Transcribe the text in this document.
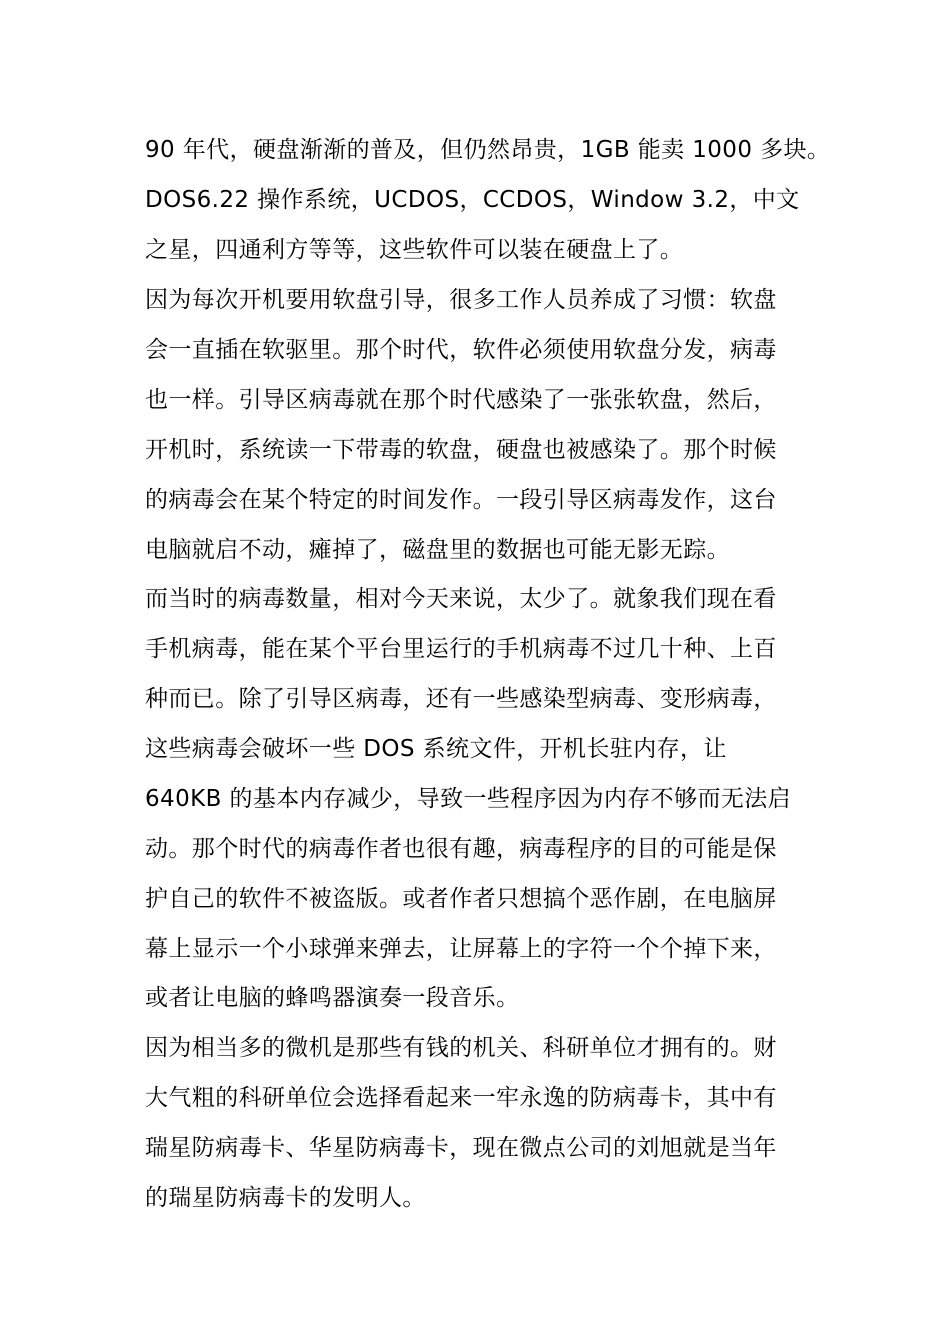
90 年代，硬盘渐渐的普及，但仍然昂贵，1GB 能卖 1000 多块。
DOS6.22 操作系统，UCDOS，CCDOS，Window 3.2，中文
之星，四通利方等等，这些软件可以装在硬盘上了。
因为每次开机要用软盘引导，很多工作人员养成了习惯：软盘
会一直插在软驱里。那个时代，软件必须使用软盘分发，病毒
也一样。引导区病毒就在那个时代感染了一张张软盘，然后，
开机时，系统读一下带毒的软盘，硬盘也被感染了。那个时候
的病毒会在某个特定的时间发作。一段引导区病毒发作，这台
电脑就启不动，瘫掉了，磁盘里的数据也可能无影无踪。
而当时的病毒数量，相对今天来说，太少了。就象我们现在看
手机病毒，能在某个平台里运行的手机病毒不过几十种、上百
种而已。除了引导区病毒，还有一些感染型病毒、变形病毒，
这些病毒会破坏一些 DOS 系统文件，开机长驻内存，让
640KB 的基本内存减少，导致一些程序因为内存不够而无法启
动。那个时代的病毒作者也很有趣，病毒程序的目的可能是保
护自己的软件不被盗版。或者作者只想搞个恶作剧，在电脑屏
幕上显示一个小球弹来弹去，让屏幕上的字符一个个掉下来，
或者让电脑的蜂鸣器演奏一段音乐。
因为相当多的微机是那些有钱的机关、科研单位才拥有的。财
大气粗的科研单位会选择看起来一牢永逸的防病毒卡，其中有
瑞星防病毒卡、华星防病毒卡，现在微点公司的刘旭就是当年
的瑞星防病毒卡的发明人。
